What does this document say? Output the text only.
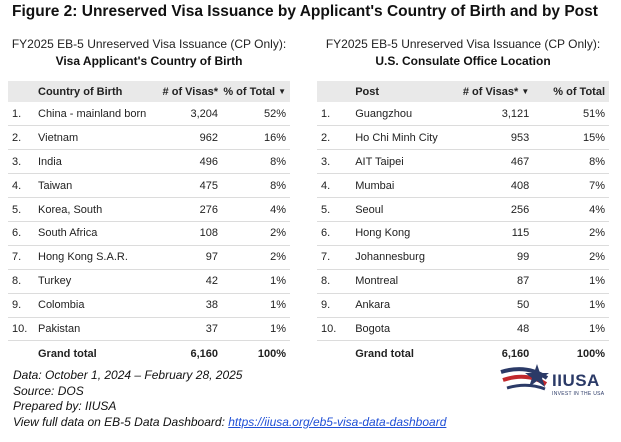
Figure 2: Unreserved Visa Issuance by Applicant's Country of Birth and by Post
FY2025 EB-5 Unreserved Visa Issuance (CP Only):
Visa Applicant's Country of Birth
	Country of Birth	# of Visas*	% of Total ▼
1.	China - mainland born	3,204	52%
2.	Vietnam	962	16%
3.	India	496	8%
4.	Taiwan	475	8%
5.	Korea, South	276	4%
6.	South Africa	108	2%
7.	Hong Kong S.A.R.	97	2%
8.	Turkey	42	1%
9.	Colombia	38	1%
10.	Pakistan	37	1%
	Grand total	6,160	100%
FY2025 EB-5 Unreserved Visa Issuance (CP Only):
U.S. Consulate Office Location
	Post	# of Visas* ▼	% of Total
1.	Guangzhou	3,121	51%
2.	Ho Chi Minh City	953	15%
3.	AIT Taipei	467	8%
4.	Mumbai	408	7%
5.	Seoul	256	4%
6.	Hong Kong	115	2%
7.	Johannesburg	99	2%
8.	Montreal	87	1%
9.	Ankara	50	1%
10.	Bogota	48	1%
	Grand total	6,160	100%
Data: October 1, 2024 – February 28, 2025
Source: DOS
Prepared by: IIUSA
View full data on EB-5 Data Dashboard: https://iiusa.org/eb5-visa-data-dashboard
IIUSA
INVEST IN THE USA
